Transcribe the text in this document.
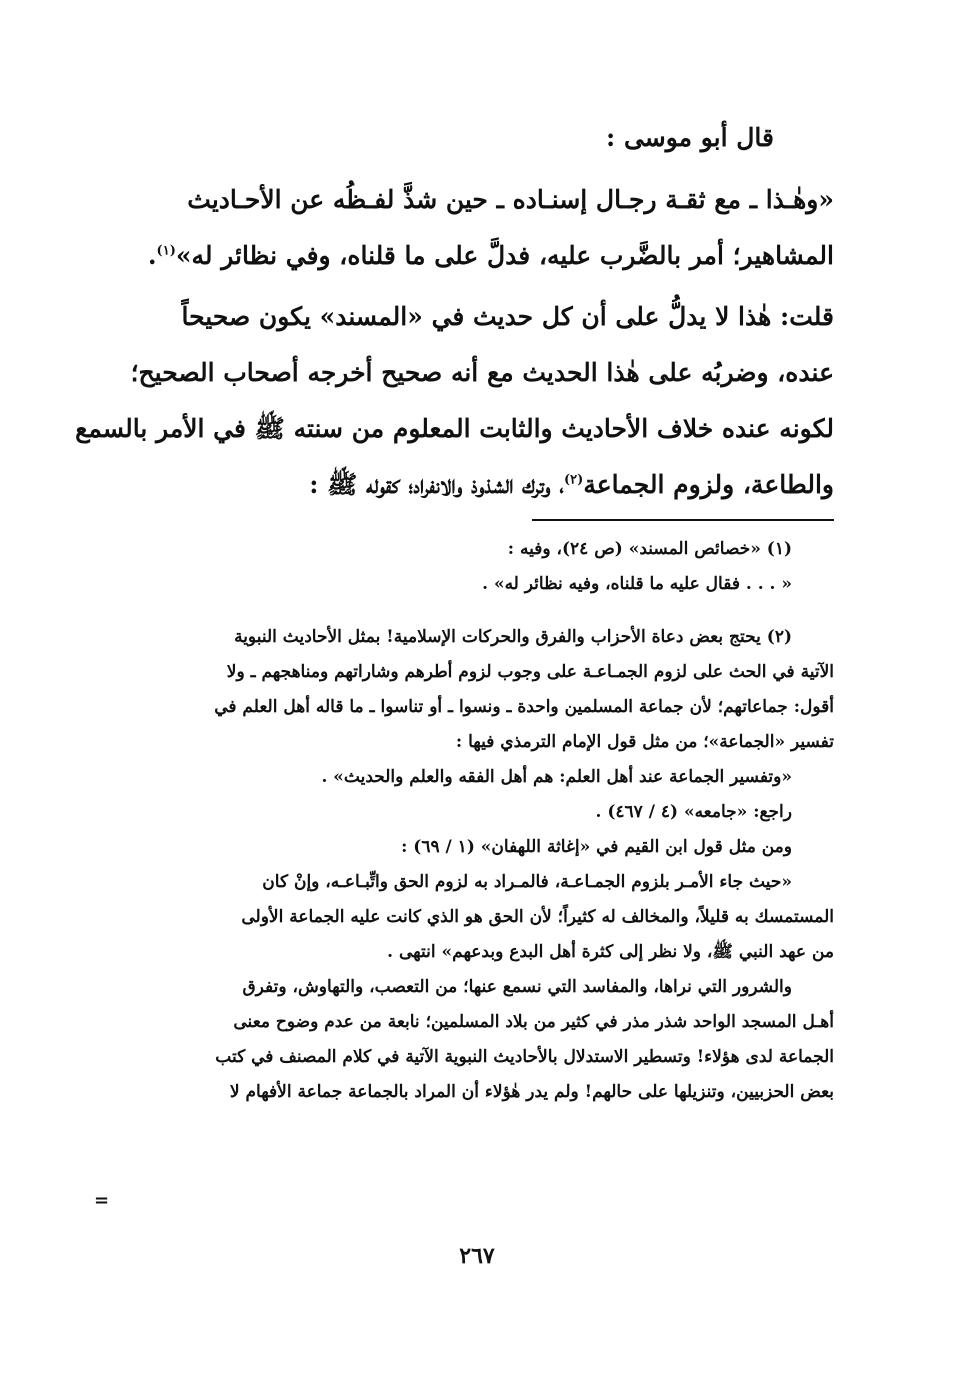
قال أبو موسى :
«وهٰـذا ـ مع ثقـة رجـال إسنـاده ـ حين شذَّ لفـظُه عن الأحـاديث
المشاهير؛ أمر بالضَّرب عليه، فدلَّ على ما قلناه، وفي نظائر له»$^{(١)}$.
قلت: هٰذا لا يدلُّ على أن كل حديث في «المسند» يكون صحيحاً
عنده، وضربُه على هٰذا الحديث مع أنه صحيح أخرجه أصحاب الصحيح؛
لكونه عنده خلاف الأحاديث والثابت المعلوم من سنته ﷺ في الأمر بالسمع
والطاعة، ولزوم الجماعة$^{(٢)}$، وترك الشذوذ والانفراد؛ كقوله ﷺ :
(١) «خصائص المسند» (ص ٢٤)، وفيه :
« . . . فقال عليه ما قلناه، وفيه نظائر له» .
(٢) يحتج بعض دعاة الأحزاب والفرق والحركات الإسلامية! بمثل الأحاديث النبوية
الآتية في الحث على لزوم الجمـاعـة على وجوب لزوم أطرهم وشاراتهم ومناهجهم ـ ولا
أقول: جماعاتهم؛ لأن جماعة المسلمين واحدة ـ ونسوا ـ أو تناسوا ـ ما قاله أهل العلم في
تفسير «الجماعة»؛ من مثل قول الإمام الترمذي فيها :
«وتفسير الجماعة عند أهل العلم: هم أهل الفقه والعلم والحديث» .
راجع: «جامعه» (٤ / ٤٦٧) .
ومن مثل قول ابن القيم في «إغاثة اللهفان» (١ / ٦٩) :
«حيث جاء الأمـر بلزوم الجمـاعـة، فالمـراد به لزوم الحق واتِّبـاعـه، وإنْ كان
المستمسك به قليلاً، والمخالف له كثيراً؛ لأن الحق هو الذي كانت عليه الجماعة الأولى
من عهد النبي ﷺ، ولا نظر إلى كثرة أهل البدع وبدعهم» انتهى .
والشرور التي نراها، والمفاسد التي نسمع عنها؛ من التعصب، والتهاوش، وتفرق
أهـل المسجد الواحد شذر مذر في كثير من بلاد المسلمين؛ نابعة من عدم وضوح معنى
الجماعة لدى هؤلاء! وتسطير الاستدلال بالأحاديث النبوية الآتية في كلام المصنف في كتب
بعض الحزبيين، وتنزيلها على حالهم! ولم يدر هٰؤلاء أن المراد بالجماعة جماعة الأفهام لا
=
٢٦٧
